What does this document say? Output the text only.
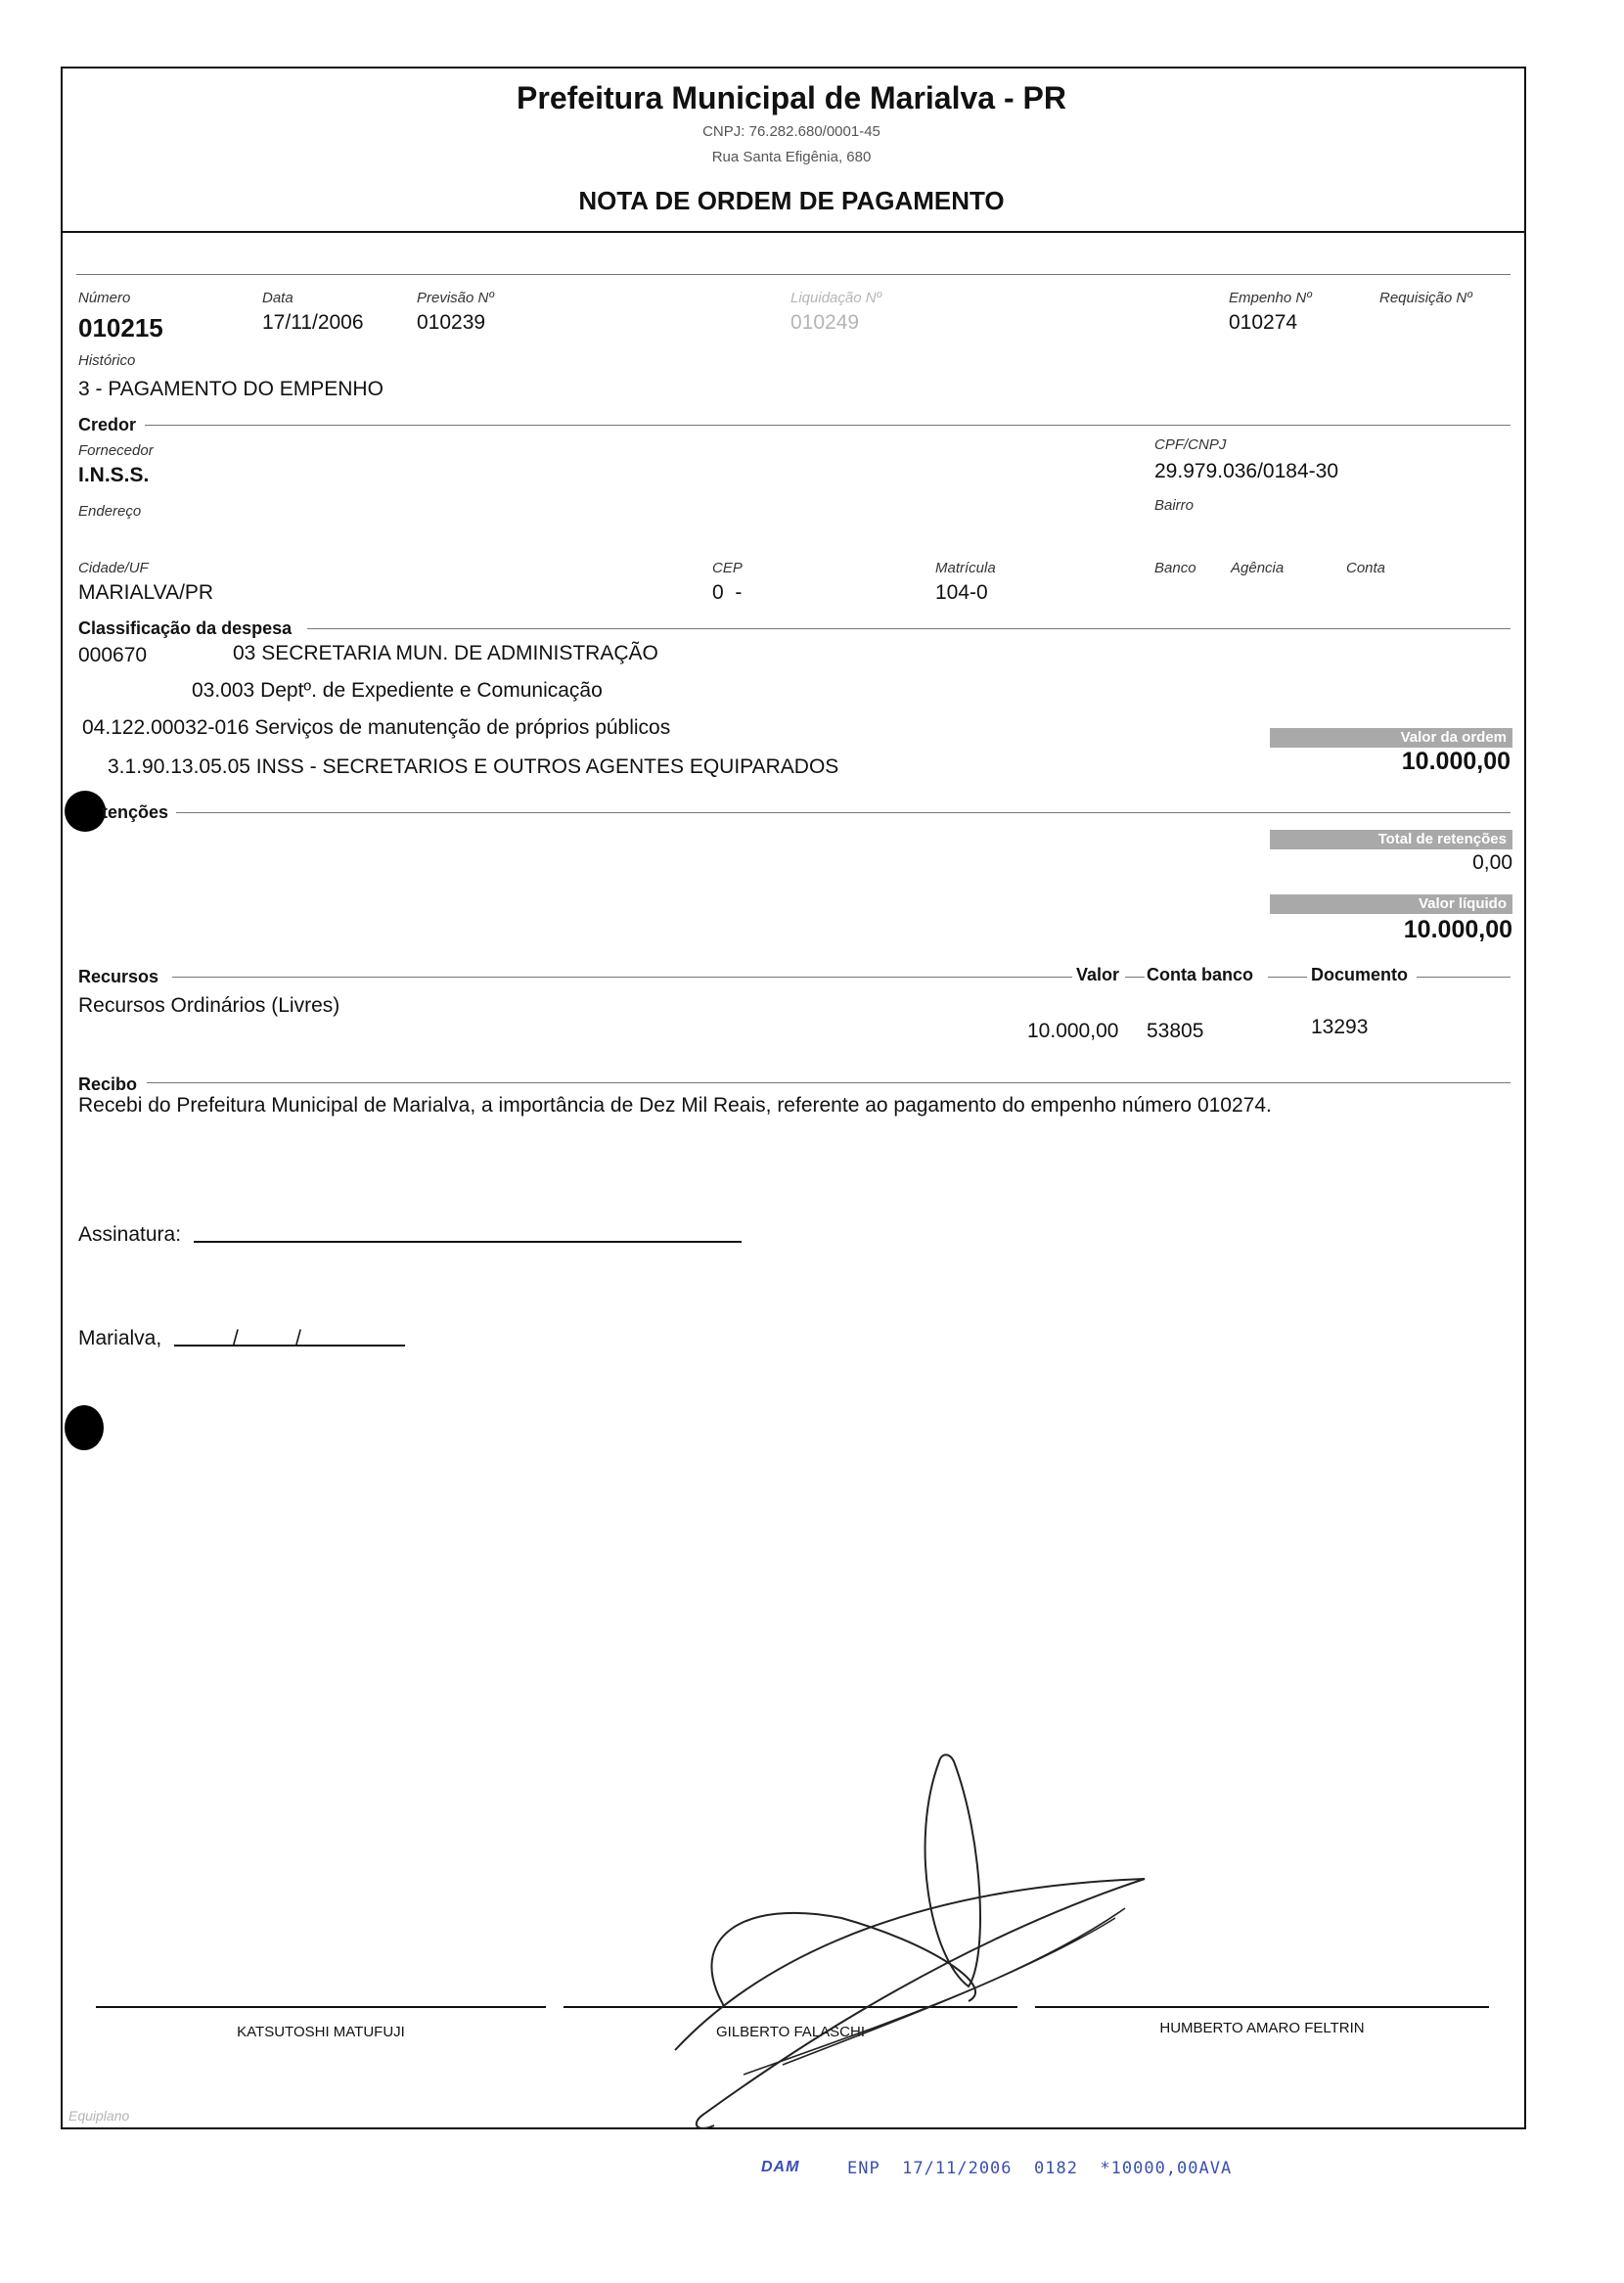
Prefeitura Municipal de Marialva - PR
CNPJ: 76.282.680/0001-45
Rua Santa Efigênia, 680
NOTA DE ORDEM DE PAGAMENTO
Número
010215
Data
17/11/2006
Previsão Nº
010239
Liquidação Nº
010249
Empenho Nº
010274
Requisição Nº
Histórico
3 - PAGAMENTO DO EMPENHO
Credor
Fornecedor
I.N.S.S.
CPF/CNPJ
29.979.036/0184-30
Endereço	Bairro
Cidade/UF
MARIALVA/PR
CEP
0  -
Matrícula
104-0
Banco Agência	Conta
Classificação da despesa
000670	03 SECRETARIA MUN. DE ADMINISTRAÇÃO
03.003 Deptº. de Expediente e Comunicação
04.122.00032-016 Serviços de manutenção de próprios públicos
3.1.90.13.05.05 INSS - SECRETARIOS E OUTROS AGENTES EQUIPARADOS
Valor da ordem
10.000,00
tenções
Total de retenções
0,00
Valor líquido
10.000,00
Recursos	Valor Conta banco	Documento
Recursos Ordinários (Livres)
10.000,00 53805	13293
Recibo
Recebi do Prefeitura Municipal de Marialva, a importância de Dez Mil Reais, referente ao pagamento do empenho número 010274.
Assinatura:
Marialva,	/          /
KATSUTOSHI MATUFUJI	GILBERTO FALASCHI	HUMBERTO AMARO FELTRIN
Equiplano
DAM	ENP  17/11/2006  0182  *10000,00AVA
